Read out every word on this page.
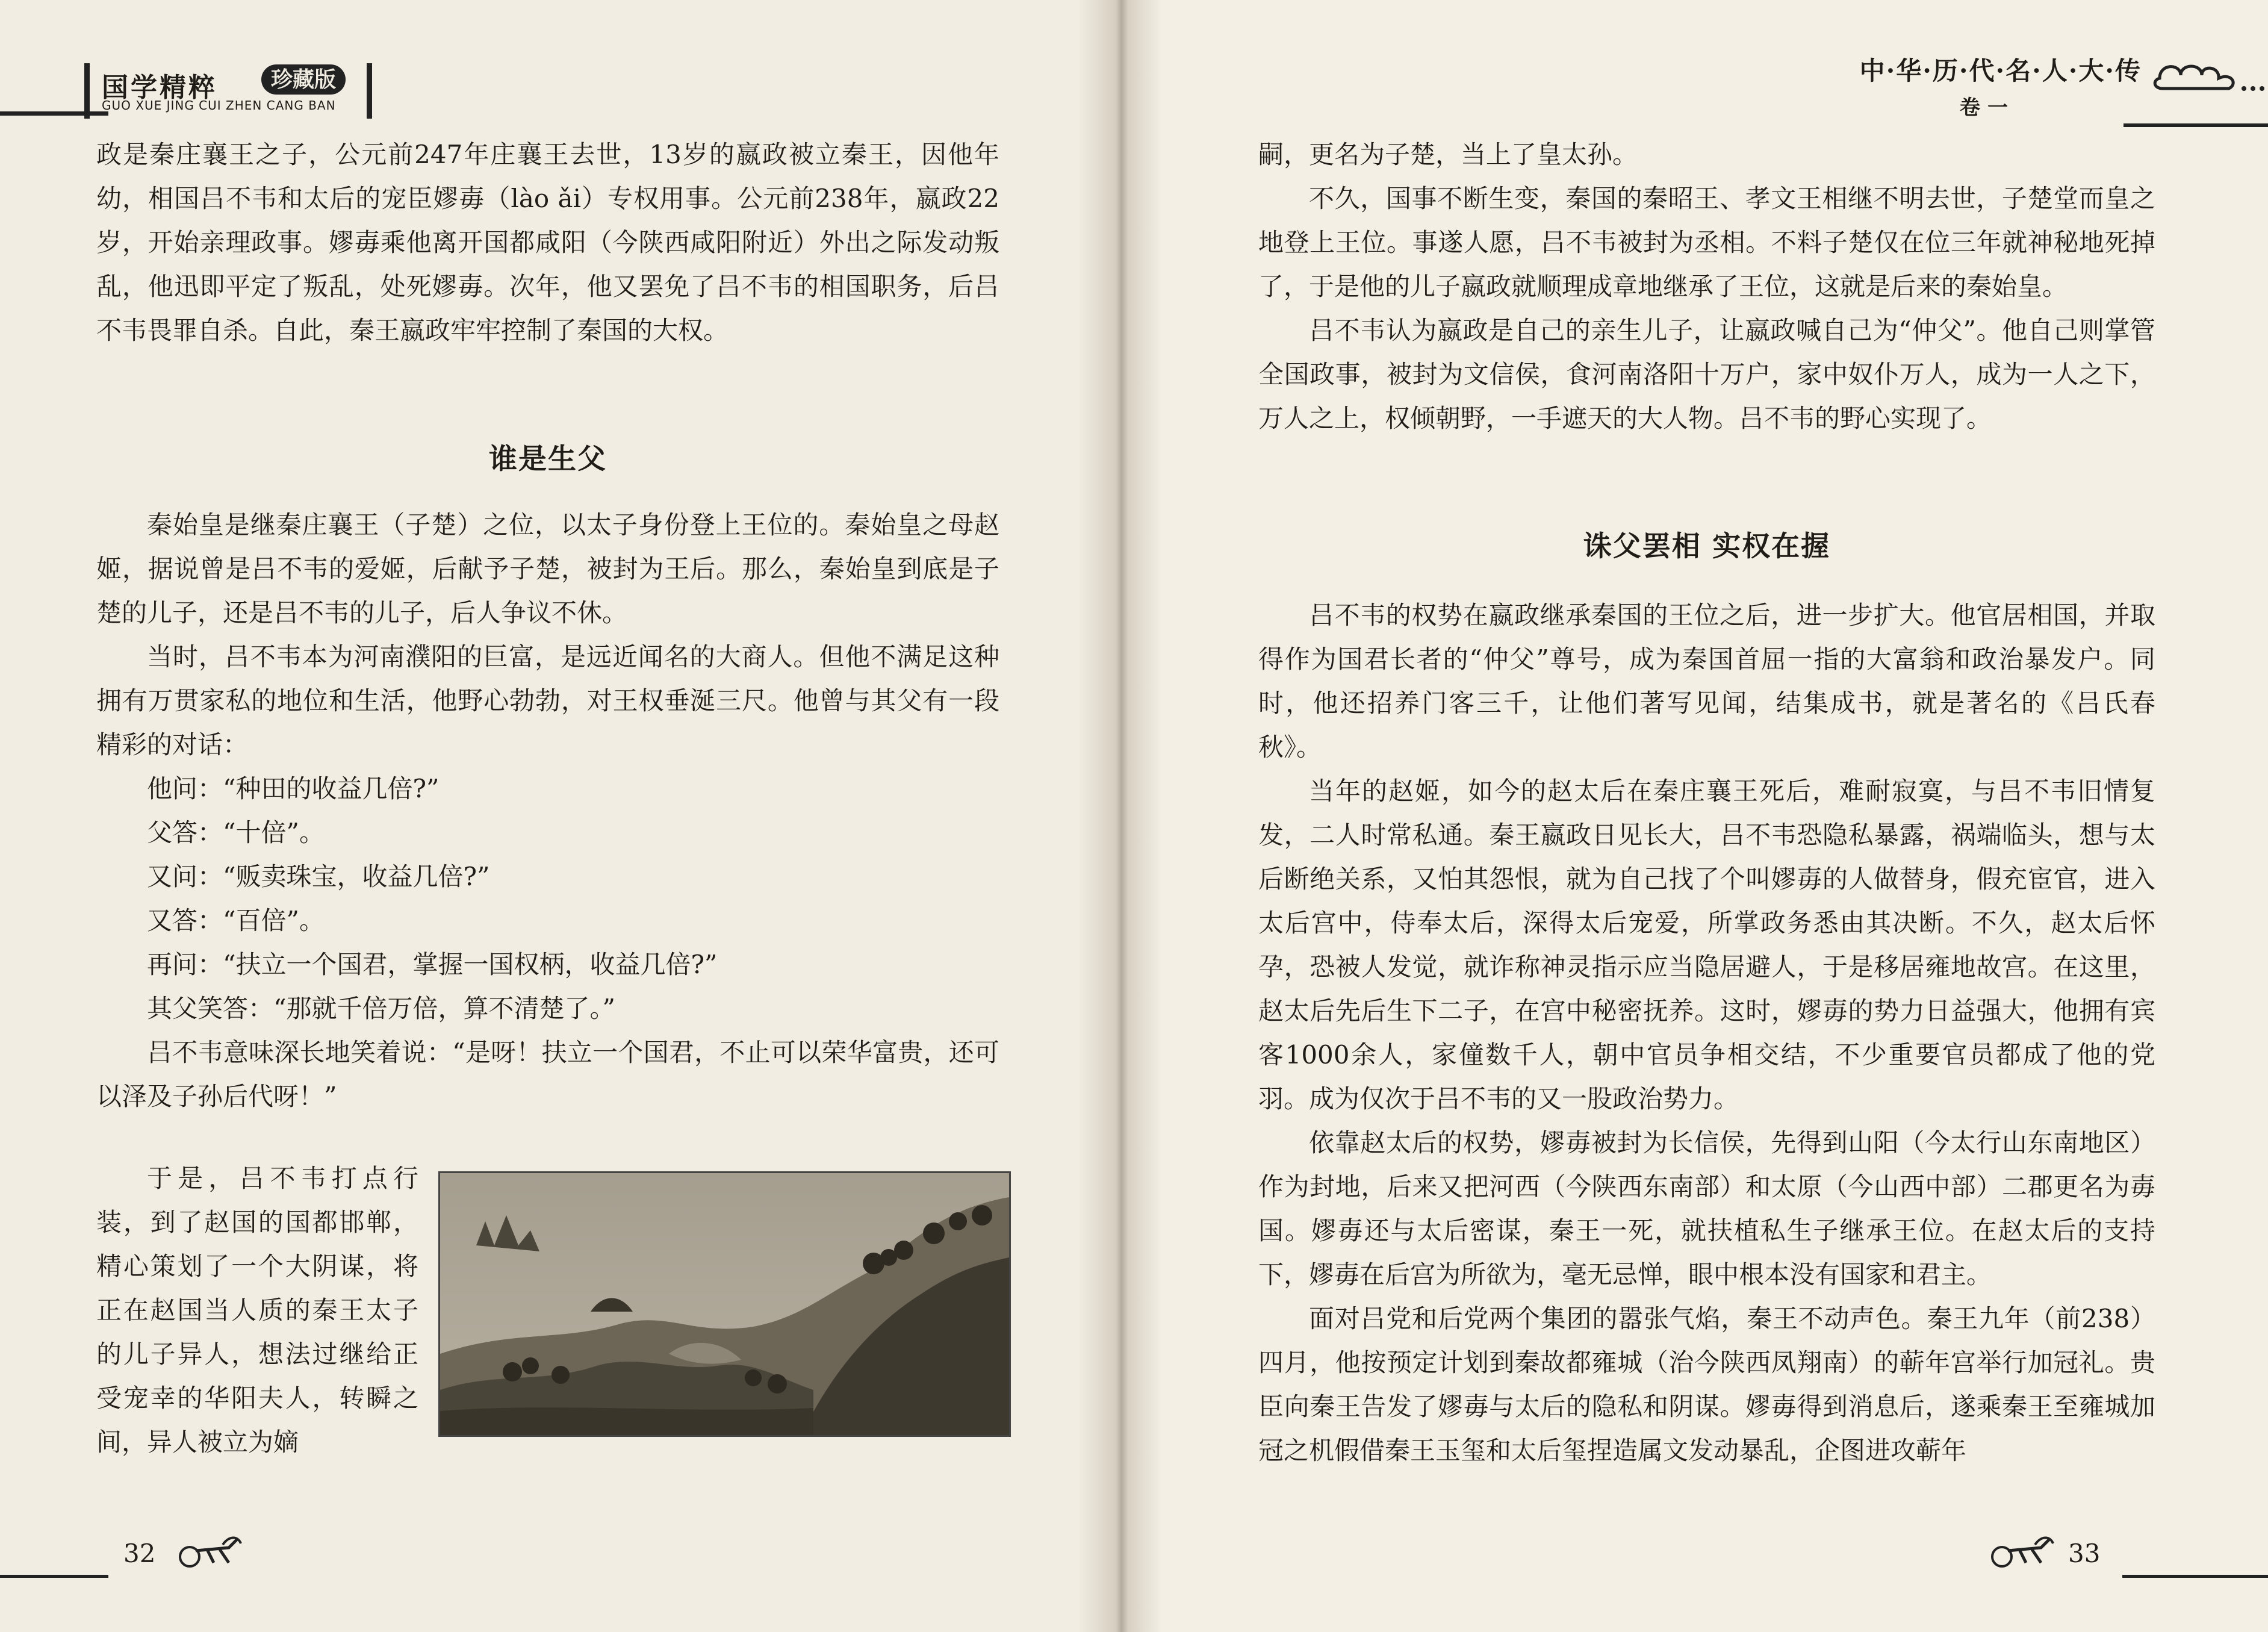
国学精粹	珍藏版
GUO XUE JING CUI ZHEN CANG BAN

政是秦庄襄王之子，公元前247年庄襄王去世，13岁的嬴政被立秦王，因他年幼，相国吕不韦和太后的宠臣嫪毐（lào ǎi）专权用事。公元前238年，嬴政22岁，开始亲理政事。嫪毐乘他离开国都咸阳（今陕西咸阳附近）外出之际发动叛乱，他迅即平定了叛乱，处死嫪毐。次年，他又罢免了吕不韦的相国职务，后吕不韦畏罪自杀。自此，秦王嬴政牢牢控制了秦国的大权。

谁是生父

秦始皇是继秦庄襄王（子楚）之位，以太子身份登上王位的。秦始皇之母赵姬，据说曾是吕不韦的爱姬，后献予子楚，被封为王后。那么，秦始皇到底是子楚的儿子，还是吕不韦的儿子，后人争议不休。

当时，吕不韦本为河南濮阳的巨富，是远近闻名的大商人。但他不满足这种拥有万贯家私的地位和生活，他野心勃勃，对王权垂涎三尺。他曾与其父有一段精彩的对话：

他问：“种田的收益几倍?”
父答：“十倍”。
又问：“贩卖珠宝，收益几倍?”
又答：“百倍”。
再问：“扶立一个国君，掌握一国权柄，收益几倍?”
其父笑答：“那就千倍万倍，算不清楚了。”

吕不韦意味深长地笑着说：“是呀！扶立一个国君，不止可以荣华富贵，还可以泽及子孙后代呀！”

于是，吕不韦打点行装，到了赵国的国都邯郸，精心策划了一个大阴谋，将正在赵国当人质的秦王太子的儿子异人，想法过继给正受宠幸的华阳夫人，转瞬之间，异人被立为嫡

32
中·华·历·代·名·人·大·传
卷一

嗣，更名为子楚，当上了皇太孙。

不久，国事不断生变，秦国的秦昭王、孝文王相继不明去世，子楚堂而皇之地登上王位。事遂人愿，吕不韦被封为丞相。不料子楚仅在位三年就神秘地死掉了，于是他的儿子嬴政就顺理成章地继承了王位，这就是后来的秦始皇。

吕不韦认为嬴政是自己的亲生儿子，让嬴政喊自己为“仲父”。他自己则掌管全国政事，被封为文信侯，食河南洛阳十万户，家中奴仆万人，成为一人之下，万人之上，权倾朝野，一手遮天的大人物。吕不韦的野心实现了。

诛父罢相 实权在握

吕不韦的权势在嬴政继承秦国的王位之后，进一步扩大。他官居相国，并取得作为国君长者的“仲父”尊号，成为秦国首屈一指的大富翁和政治暴发户。同时，他还招养门客三千，让他们著写见闻，结集成书，就是著名的《吕氏春秋》。

当年的赵姬，如今的赵太后在秦庄襄王死后，难耐寂寞，与吕不韦旧情复发，二人时常私通。秦王嬴政日见长大，吕不韦恐隐私暴露，祸端临头，想与太后断绝关系，又怕其怨恨，就为自己找了个叫嫪毐的人做替身，假充宦官，进入太后宫中，侍奉太后，深得太后宠爱，所掌政务悉由其决断。不久，赵太后怀孕，恐被人发觉，就诈称神灵指示应当隐居避人，于是移居雍地故宫。在这里，赵太后先后生下二子，在宫中秘密抚养。这时，嫪毐的势力日益强大，他拥有宾客1000余人，家僮数千人，朝中官员争相交结，不少重要官员都成了他的党羽。成为仅次于吕不韦的又一股政治势力。

依靠赵太后的权势，嫪毐被封为长信侯，先得到山阳（今太行山东南地区）作为封地，后来又把河西（今陕西东南部）和太原（今山西中部）二郡更名为毐国。嫪毐还与太后密谋，秦王一死，就扶植私生子继承王位。在赵太后的支持下，嫪毐在后宫为所欲为，毫无忌惮，眼中根本没有国家和君主。

面对吕党和后党两个集团的嚣张气焰，秦王不动声色。秦王九年（前238）四月，他按预定计划到秦故都雍城（治今陕西凤翔南）的蕲年宫举行加冠礼。贵臣向秦王告发了嫪毐与太后的隐私和阴谋。嫪毐得到消息后，遂乘秦王至雍城加冠之机假借秦王玉玺和太后玺捏造属文发动暴乱，企图进攻蕲年

33
